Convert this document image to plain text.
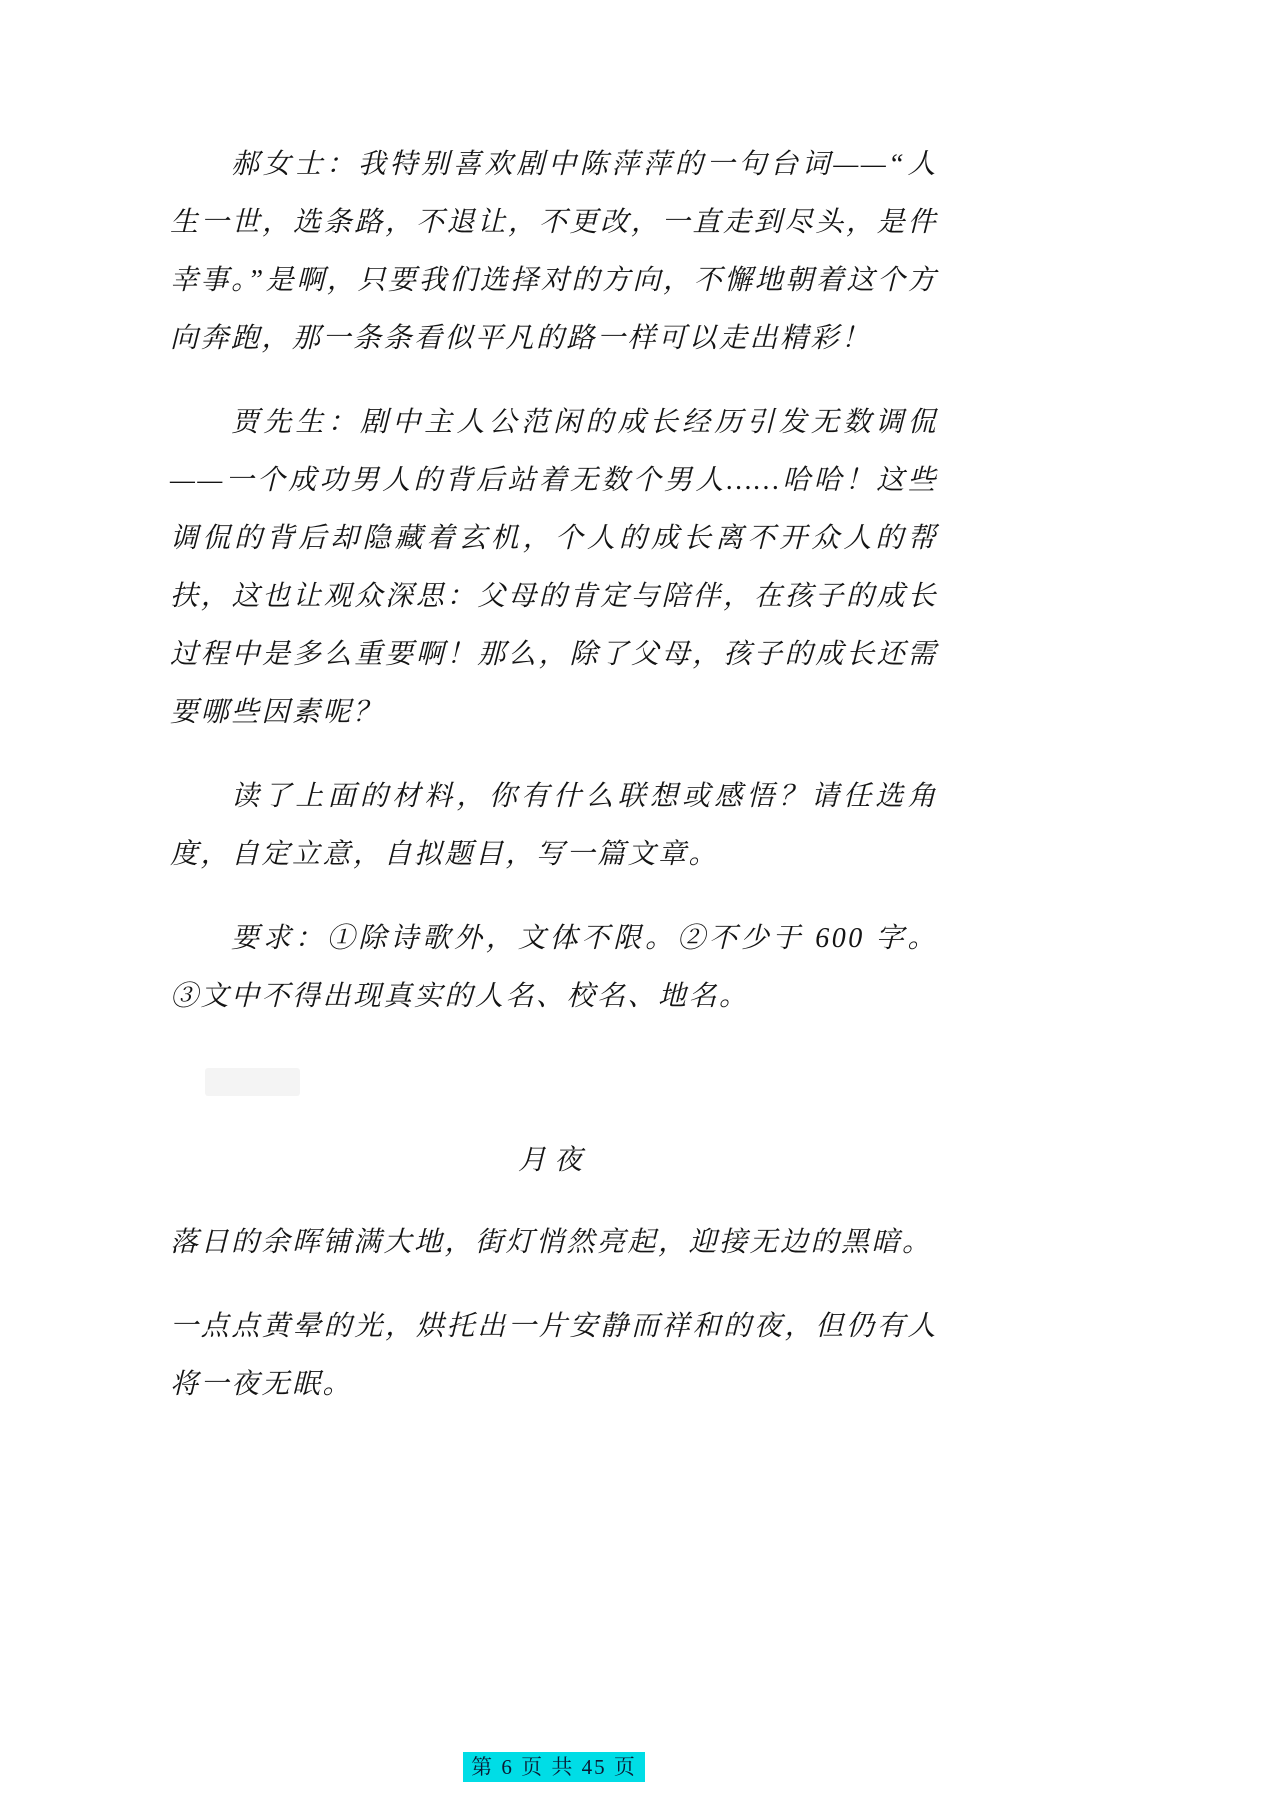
郝女士：我特别喜欢剧中陈萍萍的一句台词——“人生一世，选条路，不退让，不更改，一直走到尽头，是件幸事。”是啊，只要我们选择对的方向，不懈地朝着这个方向奔跑，那一条条看似平凡的路一样可以走出精彩！

贾先生：剧中主人公范闲的成长经历引发无数调侃——一个成功男人的背后站着无数个男人……哈哈！这些调侃的背后却隐藏着玄机，个人的成长离不开众人的帮扶，这也让观众深思：父母的肯定与陪伴，在孩子的成长过程中是多么重要啊！那么，除了父母，孩子的成长还需要哪些因素呢？

读了上面的材料，你有什么联想或感悟？请任选角度，自定立意，自拟题目，写一篇文章。

要求：①除诗歌外，文体不限。②不少于 600 字。③文中不得出现真实的人名、校名、地名。

月夜

落日的余晖铺满大地，街灯悄然亮起，迎接无边的黑暗。

一点点黄晕的光，烘托出一片安静而祥和的夜，但仍有人将一夜无眠。

第 6 页 共 45 页
